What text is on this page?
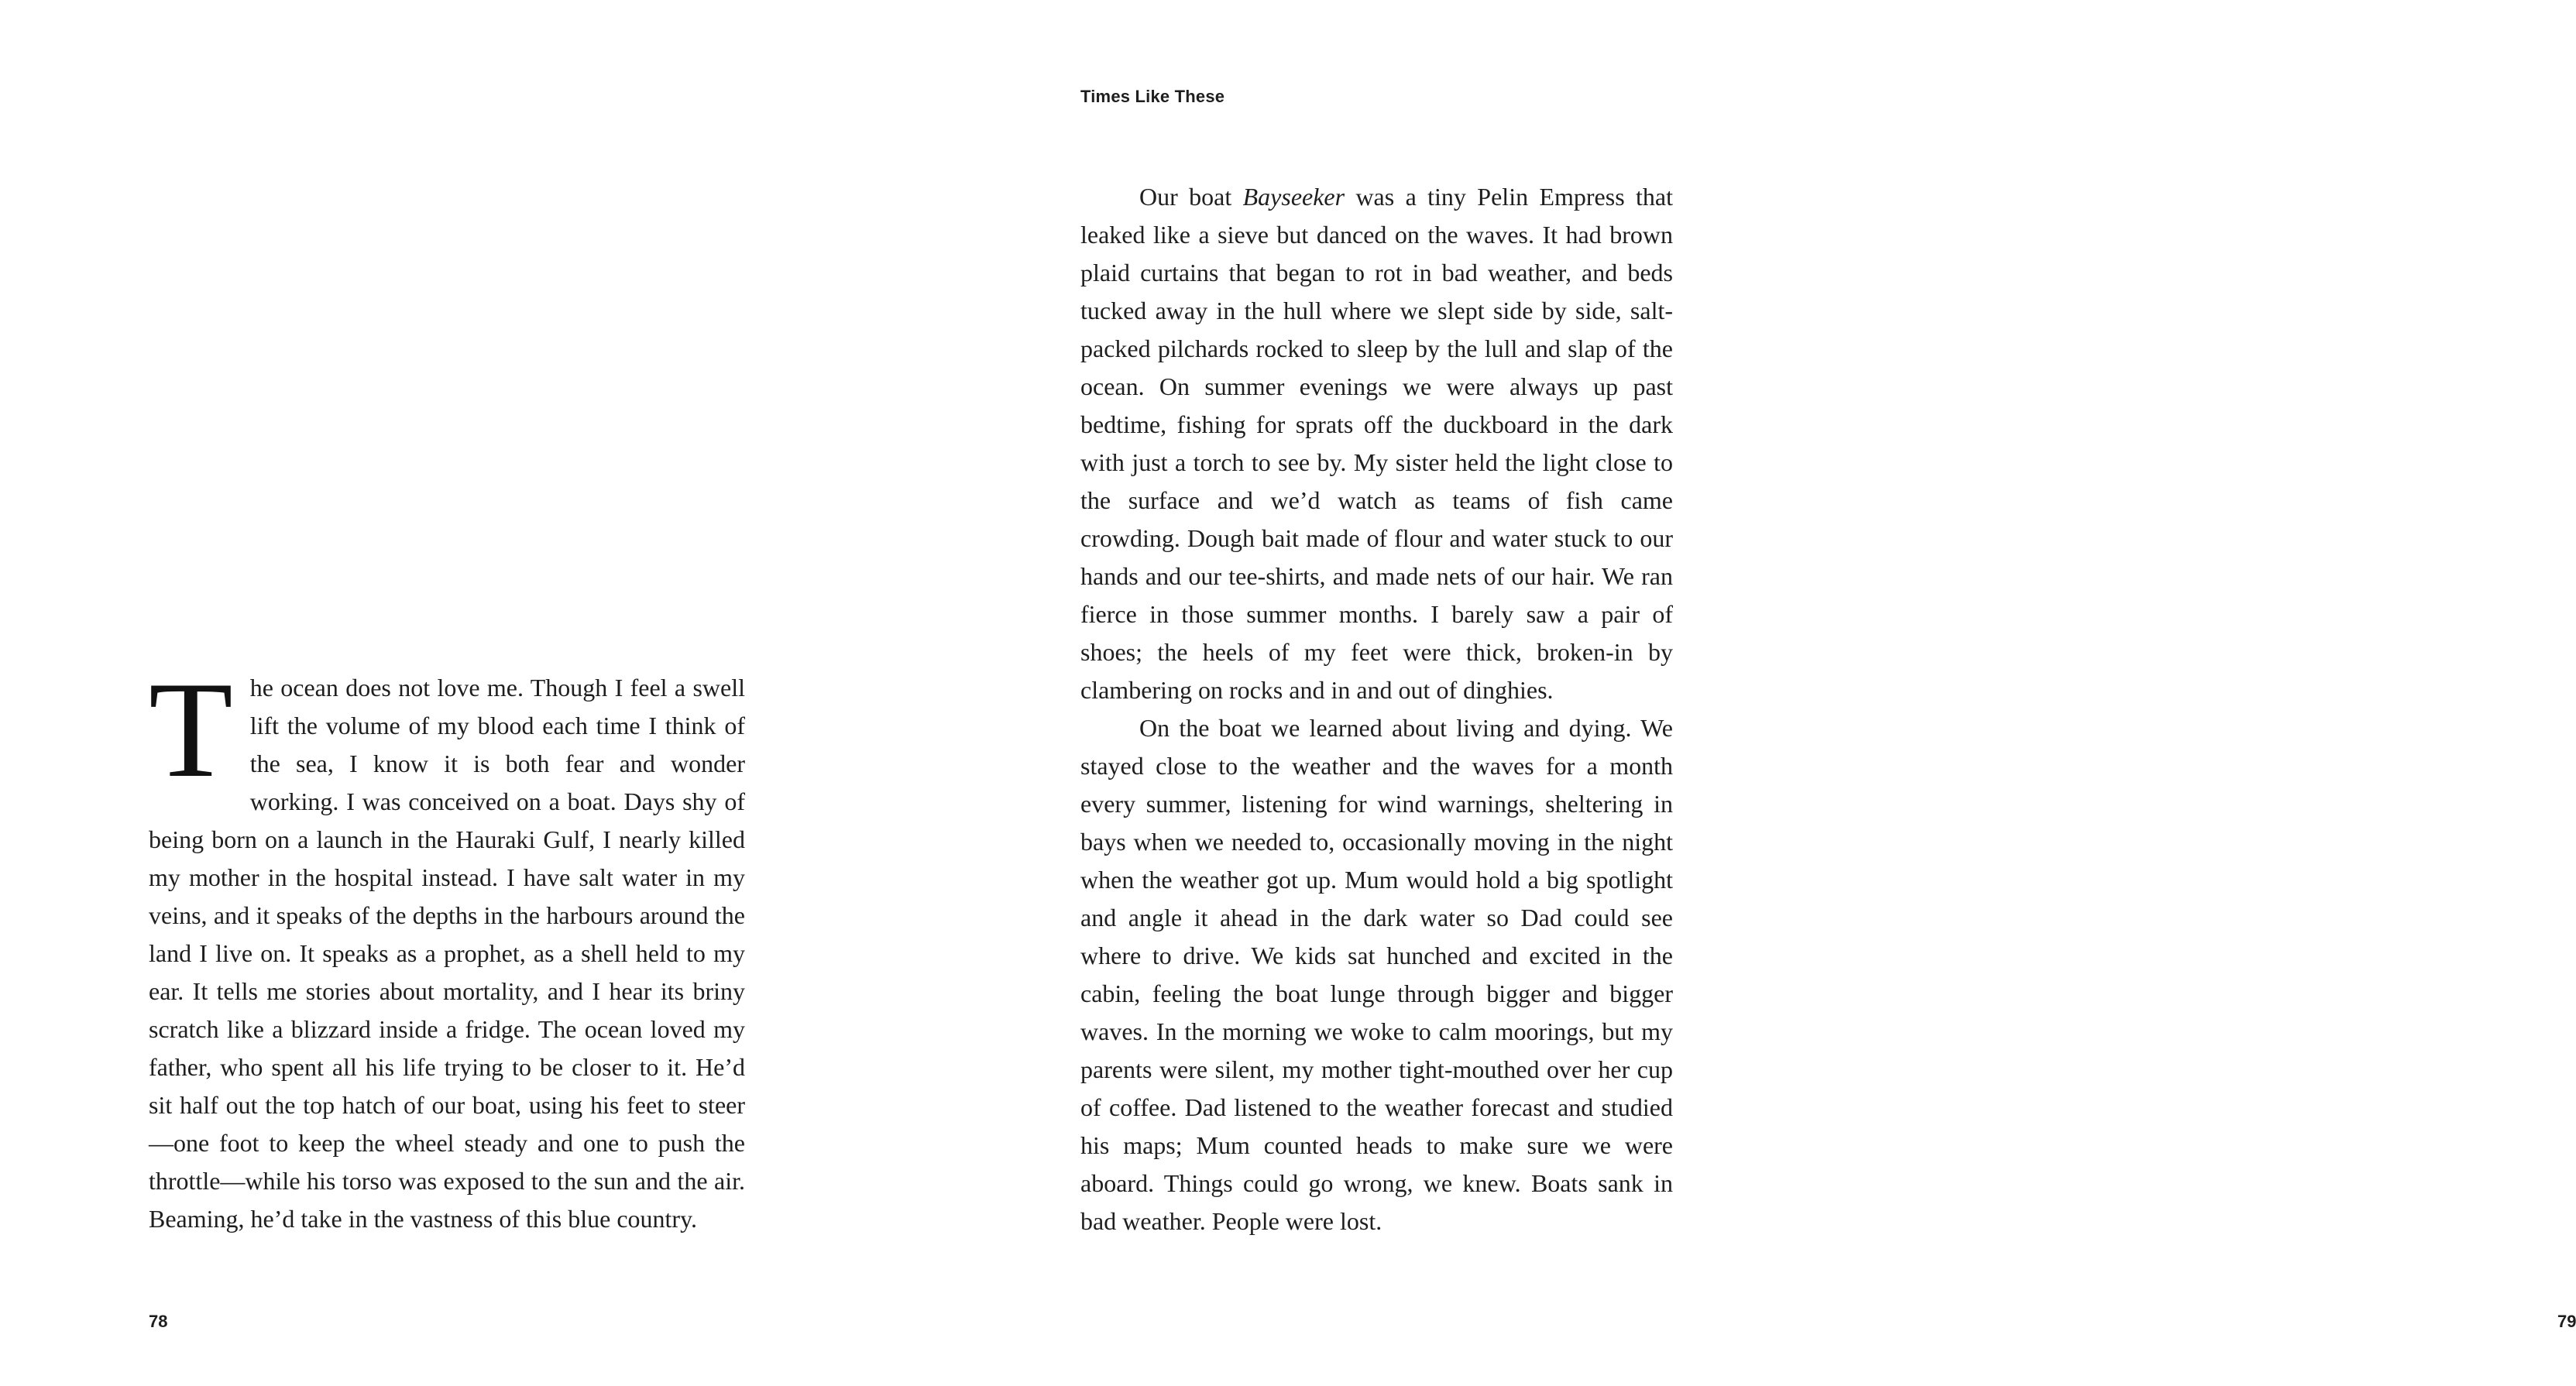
T he ocean does not love me. Though I feel a swell lift the volume of my blood each time I think of the sea, I know it is both fear and wonder working. I was conceived on a boat. Days shy of being born on a launch in the Hauraki Gulf, I nearly killed my mother in the hospital instead. I have salt water in my veins, and it speaks of the depths in the harbours around the land I live on. It speaks as a prophet, as a shell held to my ear. It tells me stories about mortality, and I hear its briny scratch like a blizzard inside a fridge. The ocean loved my father, who spent all his life trying to be closer to it. He’d sit half out the top hatch of our boat, using his feet to steer—one foot to keep the wheel steady and one to push the throttle—while his torso was exposed to the sun and the air. Beaming, he’d take in the vastness of this blue country.
78
Times Like These

Our boat Bayseeker was a tiny Pelin Empress that leaked like a sieve but danced on the waves. It had brown plaid curtains that began to rot in bad weather, and beds tucked away in the hull where we slept side by side, salt-packed pilchards rocked to sleep by the lull and slap of the ocean. On summer evenings we were always up past bedtime, fishing for sprats off the duckboard in the dark with just a torch to see by. My sister held the light close to the surface and we’d watch as teams of fish came crowding. Dough bait made of flour and water stuck to our hands and our tee-shirts, and made nets of our hair. We ran fierce in those summer months. I barely saw a pair of shoes; the heels of my feet were thick, broken-in by clambering on rocks and in and out of dinghies.

On the boat we learned about living and dying. We stayed close to the weather and the waves for a month every summer, listening for wind warnings, sheltering in bays when we needed to, occasionally moving in the night when the weather got up. Mum would hold a big spotlight and angle it ahead in the dark water so Dad could see where to drive. We kids sat hunched and excited in the cabin, feeling the boat lunge through bigger and bigger waves. In the morning we woke to calm moorings, but my parents were silent, my mother tight-mouthed over her cup of coffee. Dad listened to the weather forecast and studied his maps; Mum counted heads to make sure we were aboard. Things could go wrong, we knew. Boats sank in bad weather. People were lost.

79
